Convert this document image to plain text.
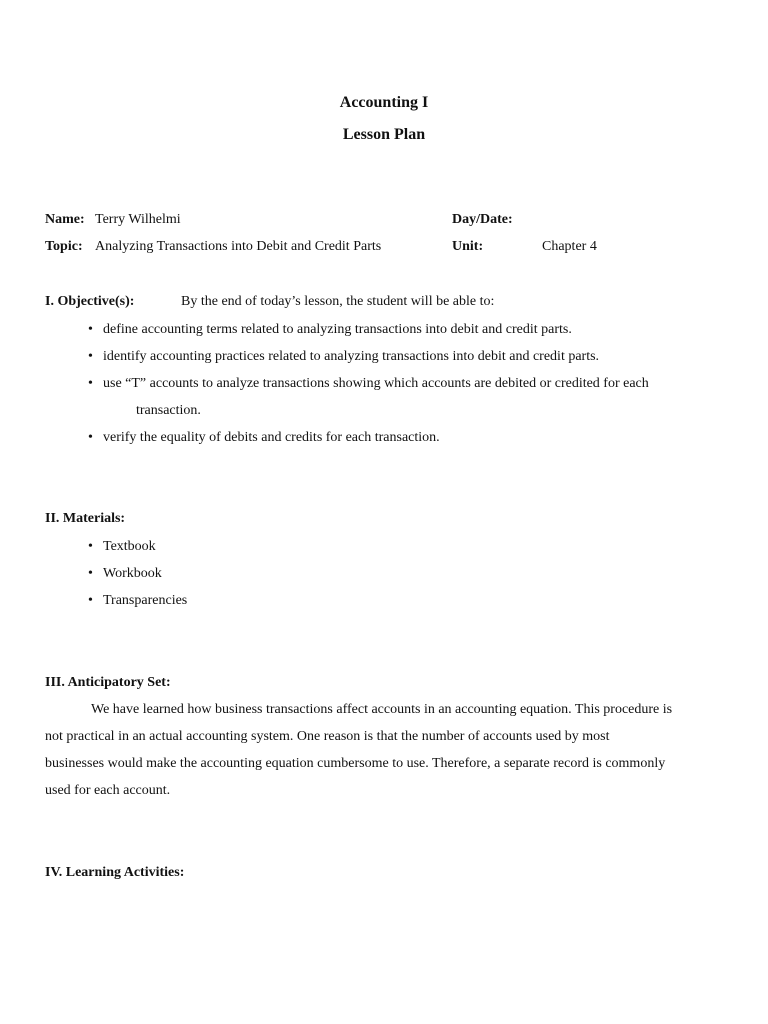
Accounting I
Lesson Plan
Name: Terry Wilhelmi	Day/Date:
Topic: Analyzing Transactions into Debit and Credit Parts	Unit:	Chapter 4
I. Objective(s):	By the end of today’s lesson, the student will be able to:
• define accounting terms related to analyzing transactions into debit and credit parts.
• identify accounting practices related to analyzing transactions into debit and credit parts.
• use “T” accounts to analyze transactions showing which accounts are debited or credited for each
transaction.
• verify the equality of debits and credits for each transaction.
II. Materials:
• Textbook
• Workbook
• Transparencies
III. Anticipatory Set:
We have learned how business transactions affect accounts in an accounting equation. This procedure is
not practical in an actual accounting system. One reason is that the number of accounts used by most
businesses would make the accounting equation cumbersome to use. Therefore, a separate record is commonly
used for each account.
IV. Learning Activities:
